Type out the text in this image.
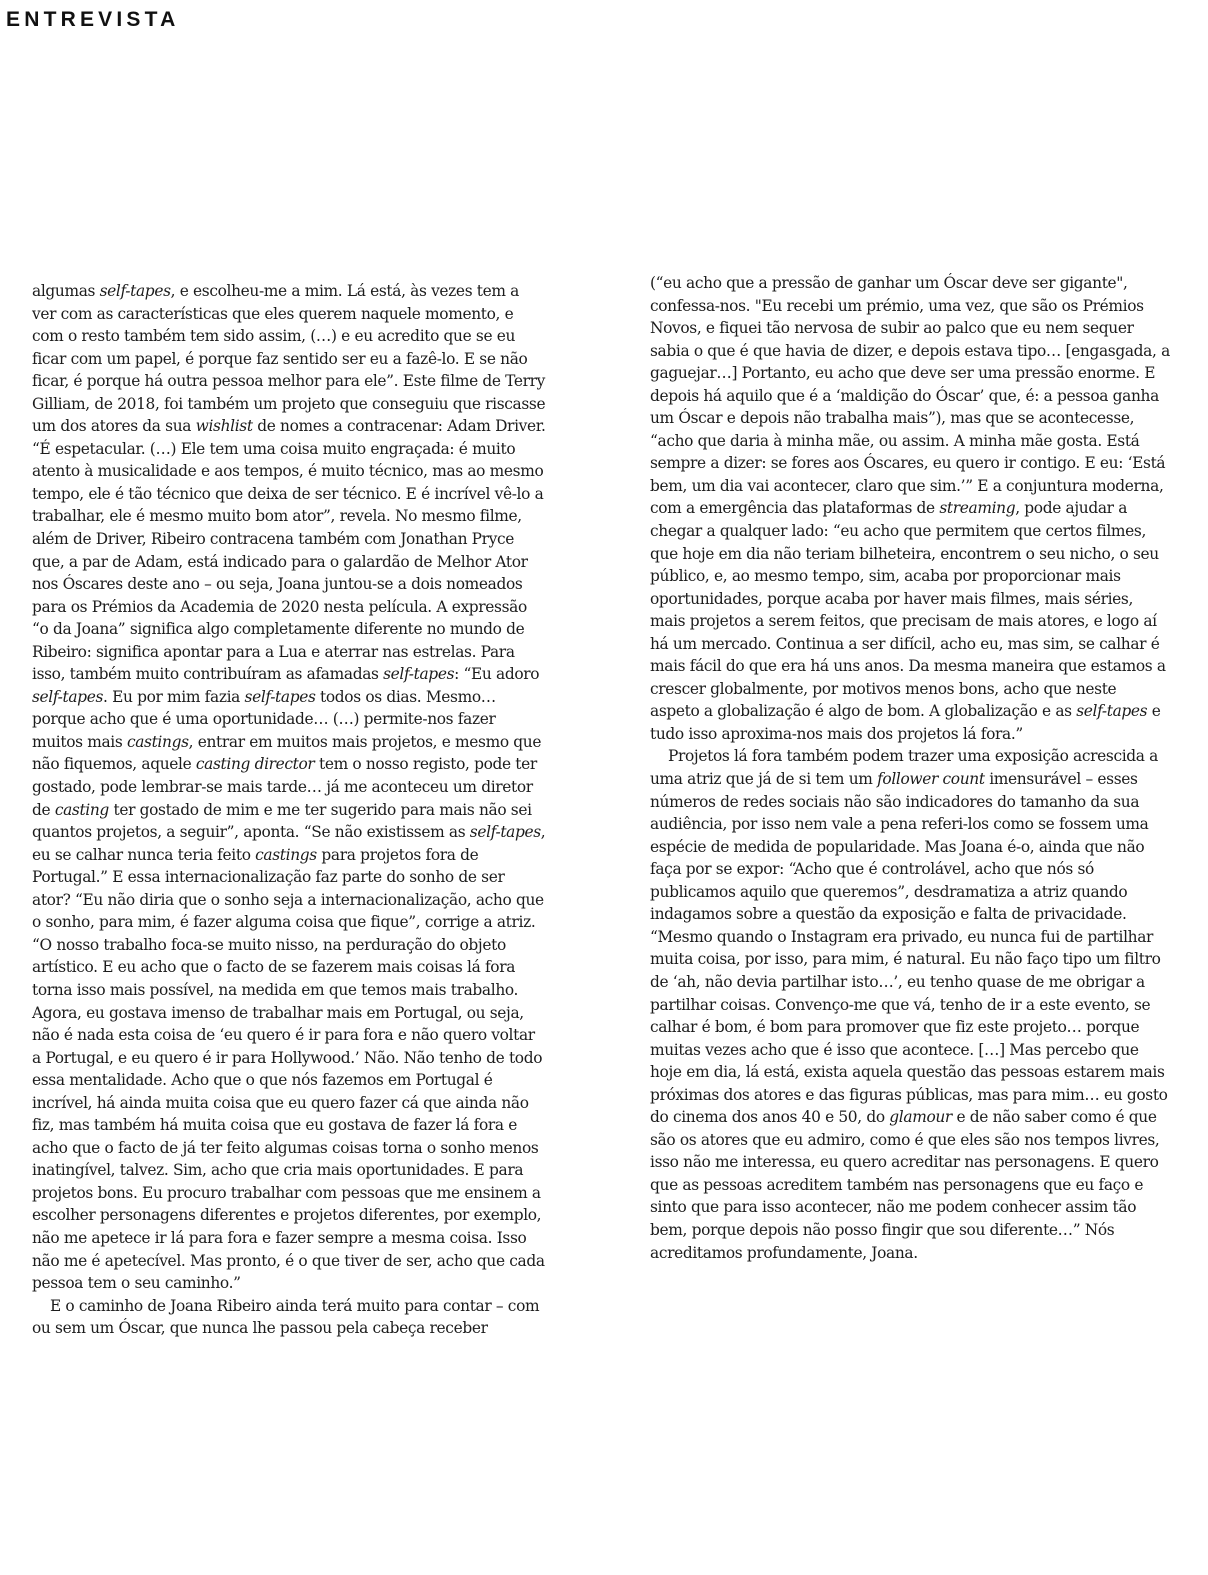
ENTREVISTA

algumas self-tapes, e escolheu-me a mim. Lá está, às vezes tem a ver com as características que eles querem naquele momento, e com o resto também tem sido assim, (…) e eu acredito que se eu ficar com um papel, é porque faz sentido ser eu a fazê-lo. E se não ficar, é porque há outra pessoa melhor para ele”. Este filme de Terry Gilliam, de 2018, foi também um projeto que conseguiu que riscasse um dos atores da sua wishlist de nomes a contracenar: Adam Driver. “É espetacular. (…) Ele tem uma coisa muito engraçada: é muito atento à musicalidade e aos tempos, é muito técnico, mas ao mesmo tempo, ele é tão técnico que deixa de ser técnico. E é incrível vê-lo a trabalhar, ele é mesmo muito bom ator”, revela. No mesmo filme, além de Driver, Ribeiro contracena também com Jonathan Pryce que, a par de Adam, está indicado para o galardão de Melhor Ator nos Óscares deste ano – ou seja, Joana juntou-se a dois nomeados para os Prémios da Academia de 2020 nesta película. A expressão “o da Joana” significa algo completamente diferente no mundo de Ribeiro: significa apontar para a Lua e aterrar nas estrelas. Para isso, também muito contribuíram as afamadas self-tapes: “Eu adoro self-tapes. Eu por mim fazia self-tapes todos os dias. Mesmo… porque acho que é uma oportunidade… (…) permite-nos fazer muitos mais castings, entrar em muitos mais projetos, e mesmo que não fiquemos, aquele casting director tem o nosso registo, pode ter gostado, pode lembrar-se mais tarde… já me aconteceu um diretor de casting ter gostado de mim e me ter sugerido para mais não sei quantos projetos, a seguir”, aponta. “Se não existissem as self-tapes, eu se calhar nunca teria feito castings para projetos fora de Portugal.” E essa internacionalização faz parte do sonho de ser ator? “Eu não diria que o sonho seja a internacionalização, acho que o sonho, para mim, é fazer alguma coisa que fique”, corrige a atriz. “O nosso trabalho foca-se muito nisso, na perduração do objeto artístico. E eu acho que o facto de se fazerem mais coisas lá fora torna isso mais possível, na medida em que temos mais trabalho. Agora, eu gostava imenso de trabalhar mais em Portugal, ou seja, não é nada esta coisa de ‘eu quero é ir para fora e não quero voltar a Portugal, e eu quero é ir para Hollywood.’ Não. Não tenho de todo essa mentalidade. Acho que o que nós fazemos em Portugal é incrível, há ainda muita coisa que eu quero fazer cá que ainda não fiz, mas também há muita coisa que eu gostava de fazer lá fora e acho que o facto de já ter feito algumas coisas torna o sonho menos inatingível, talvez. Sim, acho que cria mais oportunidades. E para projetos bons. Eu procuro trabalhar com pessoas que me ensinem a escolher personagens diferentes e projetos diferentes, por exemplo, não me apetece ir lá para fora e fazer sempre a mesma coisa. Isso não me é apetecível. Mas pronto, é o que tiver de ser, acho que cada pessoa tem o seu caminho.”

E o caminho de Joana Ribeiro ainda terá muito para contar – com ou sem um Óscar, que nunca lhe passou pela cabeça receber

(“eu acho que a pressão de ganhar um Óscar deve ser gigante", confessa-nos. "Eu recebi um prémio, uma vez, que são os Prémios Novos, e fiquei tão nervosa de subir ao palco que eu nem sequer sabia o que é que havia de dizer, e depois estava tipo… [engasgada, a gaguejar…] Portanto, eu acho que deve ser uma pressão enorme. E depois há aquilo que é a ‘maldição do Óscar’ que, é: a pessoa ganha um Óscar e depois não trabalha mais”), mas que se acontecesse, “acho que daria à minha mãe, ou assim. A minha mãe gosta. Está sempre a dizer: se fores aos Óscares, eu quero ir contigo. E eu: ‘Está bem, um dia vai acontecer, claro que sim.’” E a conjuntura moderna, com a emergência das plataformas de streaming, pode ajudar a chegar a qualquer lado: “eu acho que permitem que certos filmes, que hoje em dia não teriam bilheteira, encontrem o seu nicho, o seu público, e, ao mesmo tempo, sim, acaba por proporcionar mais oportunidades, porque acaba por haver mais filmes, mais séries, mais projetos a serem feitos, que precisam de mais atores, e logo aí há um mercado. Continua a ser difícil, acho eu, mas sim, se calhar é mais fácil do que era há uns anos. Da mesma maneira que estamos a crescer globalmente, por motivos menos bons, acho que neste aspeto a globalização é algo de bom. A globalização e as self-tapes e tudo isso aproxima-nos mais dos projetos lá fora.”

Projetos lá fora também podem trazer uma exposição acrescida a uma atriz que já de si tem um follower count imensurável – esses números de redes sociais não são indicadores do tamanho da sua audiência, por isso nem vale a pena referi-los como se fossem uma espécie de medida de popularidade. Mas Joana é-o, ainda que não faça por se expor: “Acho que é controlável, acho que nós só publicamos aquilo que queremos”, desdramatiza a atriz quando indagamos sobre a questão da exposição e falta de privacidade. “Mesmo quando o Instagram era privado, eu nunca fui de partilhar muita coisa, por isso, para mim, é natural. Eu não faço tipo um filtro de ‘ah, não devia partilhar isto…’, eu tenho quase de me obrigar a partilhar coisas. Convenço-me que vá, tenho de ir a este evento, se calhar é bom, é bom para promover que fiz este projeto… porque muitas vezes acho que é isso que acontece. […] Mas percebo que hoje em dia, lá está, exista aquela questão das pessoas estarem mais próximas dos atores e das figuras públicas, mas para mim… eu gosto do cinema dos anos 40 e 50, do glamour e de não saber como é que são os atores que eu admiro, como é que eles são nos tempos livres, isso não me interessa, eu quero acreditar nas personagens. E quero que as pessoas acreditem também nas personagens que eu faço e sinto que para isso acontecer, não me podem conhecer assim tão bem, porque depois não posso fingir que sou diferente…” Nós acreditamos profundamente, Joana.
